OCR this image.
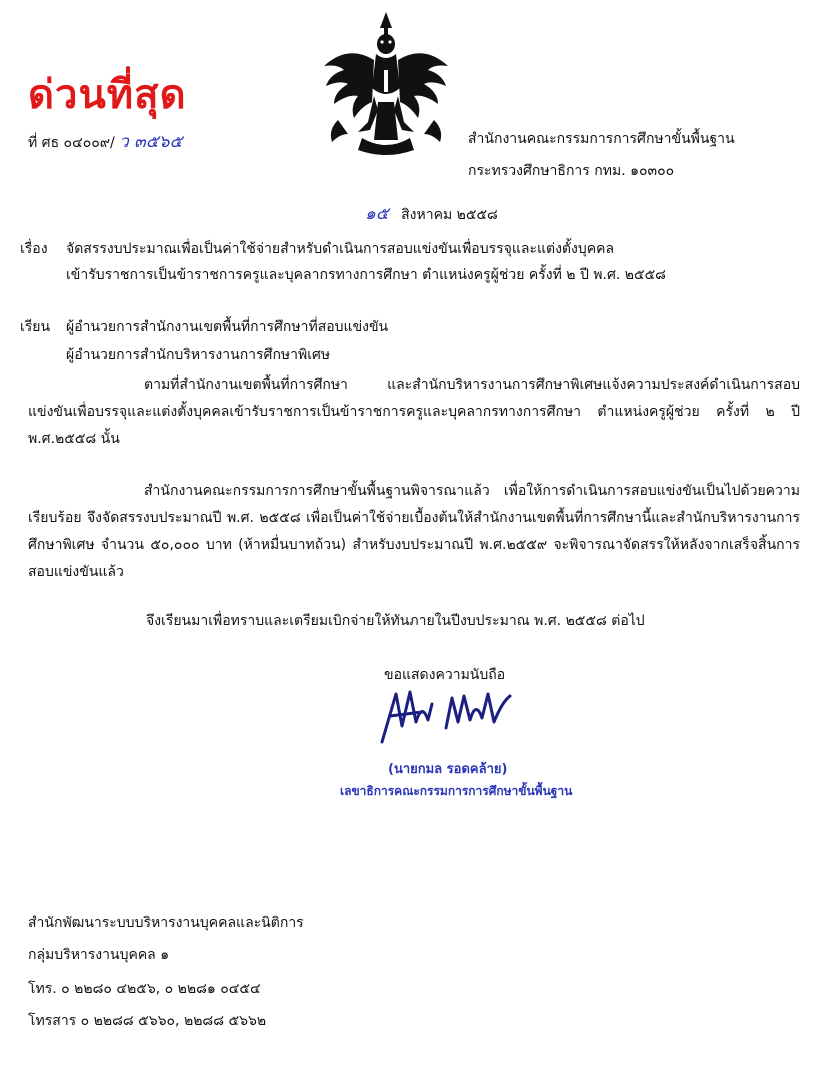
ด่วนที่สุด
ที่ ศธ ๐๔๐๐๙/ ว ๓๕๖๕	สำนักงานคณะกรรมการการศึกษาขั้นพื้นฐาน
กระทรวงศึกษาธิการ กทม. ๑๐๓๐๐
๑๕ สิงหาคม ๒๕๕๘
เรื่อง จัดสรรงบประมาณเพื่อเป็นค่าใช้จ่ายสำหรับดำเนินการสอบแข่งขันเพื่อบรรจุและแต่งตั้งบุคคล
เข้ารับราชการเป็นข้าราชการครูและบุคลากรทางการศึกษา ตำแหน่งครูผู้ช่วย ครั้งที่ ๒ ปี พ.ศ. ๒๕๕๘
เรียน ผู้อำนวยการสำนักงานเขตพื้นที่การศึกษาที่สอบแข่งขัน
ผู้อำนวยการสำนักบริหารงานการศึกษาพิเศษ
ตามที่สำนักงานเขตพื้นที่การศึกษา และสำนักบริหารงานการศึกษาพิเศษแจ้งความประสงค์ดำเนินการสอบแข่งขันเพื่อบรรจุและแต่งตั้งบุคคลเข้ารับราชการเป็นข้าราชการครูและบุคลากรทางการศึกษา ตำแหน่งครูผู้ช่วย ครั้งที่ ๒ ปี พ.ศ.๒๕๕๘ นั้น
สำนักงานคณะกรรมการการศึกษาขั้นพื้นฐานพิจารณาแล้ว เพื่อให้การดำเนินการสอบแข่งขันเป็นไปด้วยความเรียบร้อย จึงจัดสรรงบประมาณปี พ.ศ. ๒๕๕๘ เพื่อเป็นค่าใช้จ่ายเบื้องต้นให้สำนักงานเขตพื้นที่การศึกษานี้และสำนักบริหารงานการศึกษาพิเศษ จำนวน ๕๐,๐๐๐ บาท (ห้าหมื่นบาทถ้วน) สำหรับงบประมาณปี พ.ศ.๒๕๕๙ จะพิจารณาจัดสรรให้หลังจากเสร็จสิ้นการสอบแข่งขันแล้ว
จึงเรียนมาเพื่อทราบและเตรียมเบิกจ่ายให้ทันภายในปีงบประมาณ พ.ศ. ๒๕๕๘ ต่อไป
ขอแสดงความนับถือ
(นายกมล รอดคล้าย)
เลขาธิการคณะกรรมการการศึกษาขั้นพื้นฐาน
สำนักพัฒนาระบบบริหารงานบุคคลและนิติการ
กลุ่มบริหารงานบุคคล ๑
โทร. ๐ ๒๒๘๐ ๔๒๕๖, ๐ ๒๒๘๑ ๐๔๕๔
โทรสาร ๐ ๒๒๘๘ ๕๖๖๐, ๒๒๘๘ ๕๖๖๒
